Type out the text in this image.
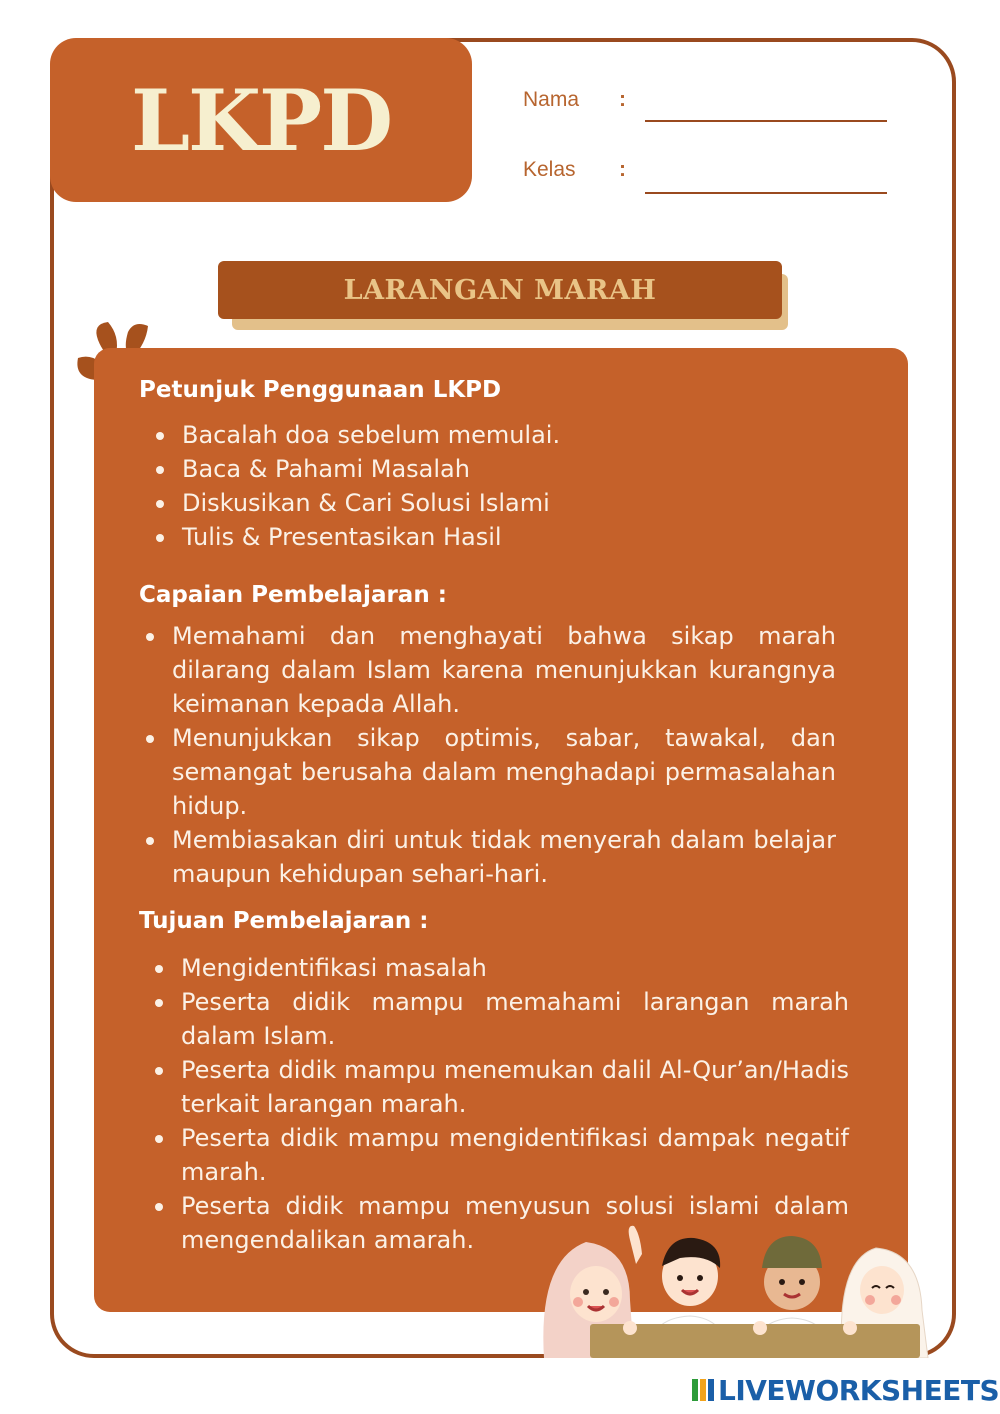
LKPD	Nama :
Kelas :
LARANGAN MARAH
Petunjuk Penggunaan LKPD
Bacalah doa sebelum memulai.
Baca & Pahami Masalah
Diskusikan & Cari Solusi Islami
Tulis & Presentasikan Hasil
Capaian Pembelajaran :
Memahami dan menghayati bahwa sikap marah dilarang dalam Islam karena menunjukkan kurangnya keimanan kepada Allah.
Menunjukkan sikap optimis, sabar, tawakal, dan semangat berusaha dalam menghadapi permasalahan hidup.
Membiasakan diri untuk tidak menyerah dalam belajar maupun kehidupan sehari-hari.
Tujuan Pembelajaran :
Mengidentifikasi masalah
Peserta didik mampu memahami larangan marah dalam Islam.
Peserta didik mampu menemukan dalil Al-Qur’an/Hadis terkait larangan marah.
Peserta didik mampu mengidentifikasi dampak negatif marah.
Peserta didik mampu menyusun solusi islami dalam mengendalikan amarah.
LIVEWORKSHEETS
